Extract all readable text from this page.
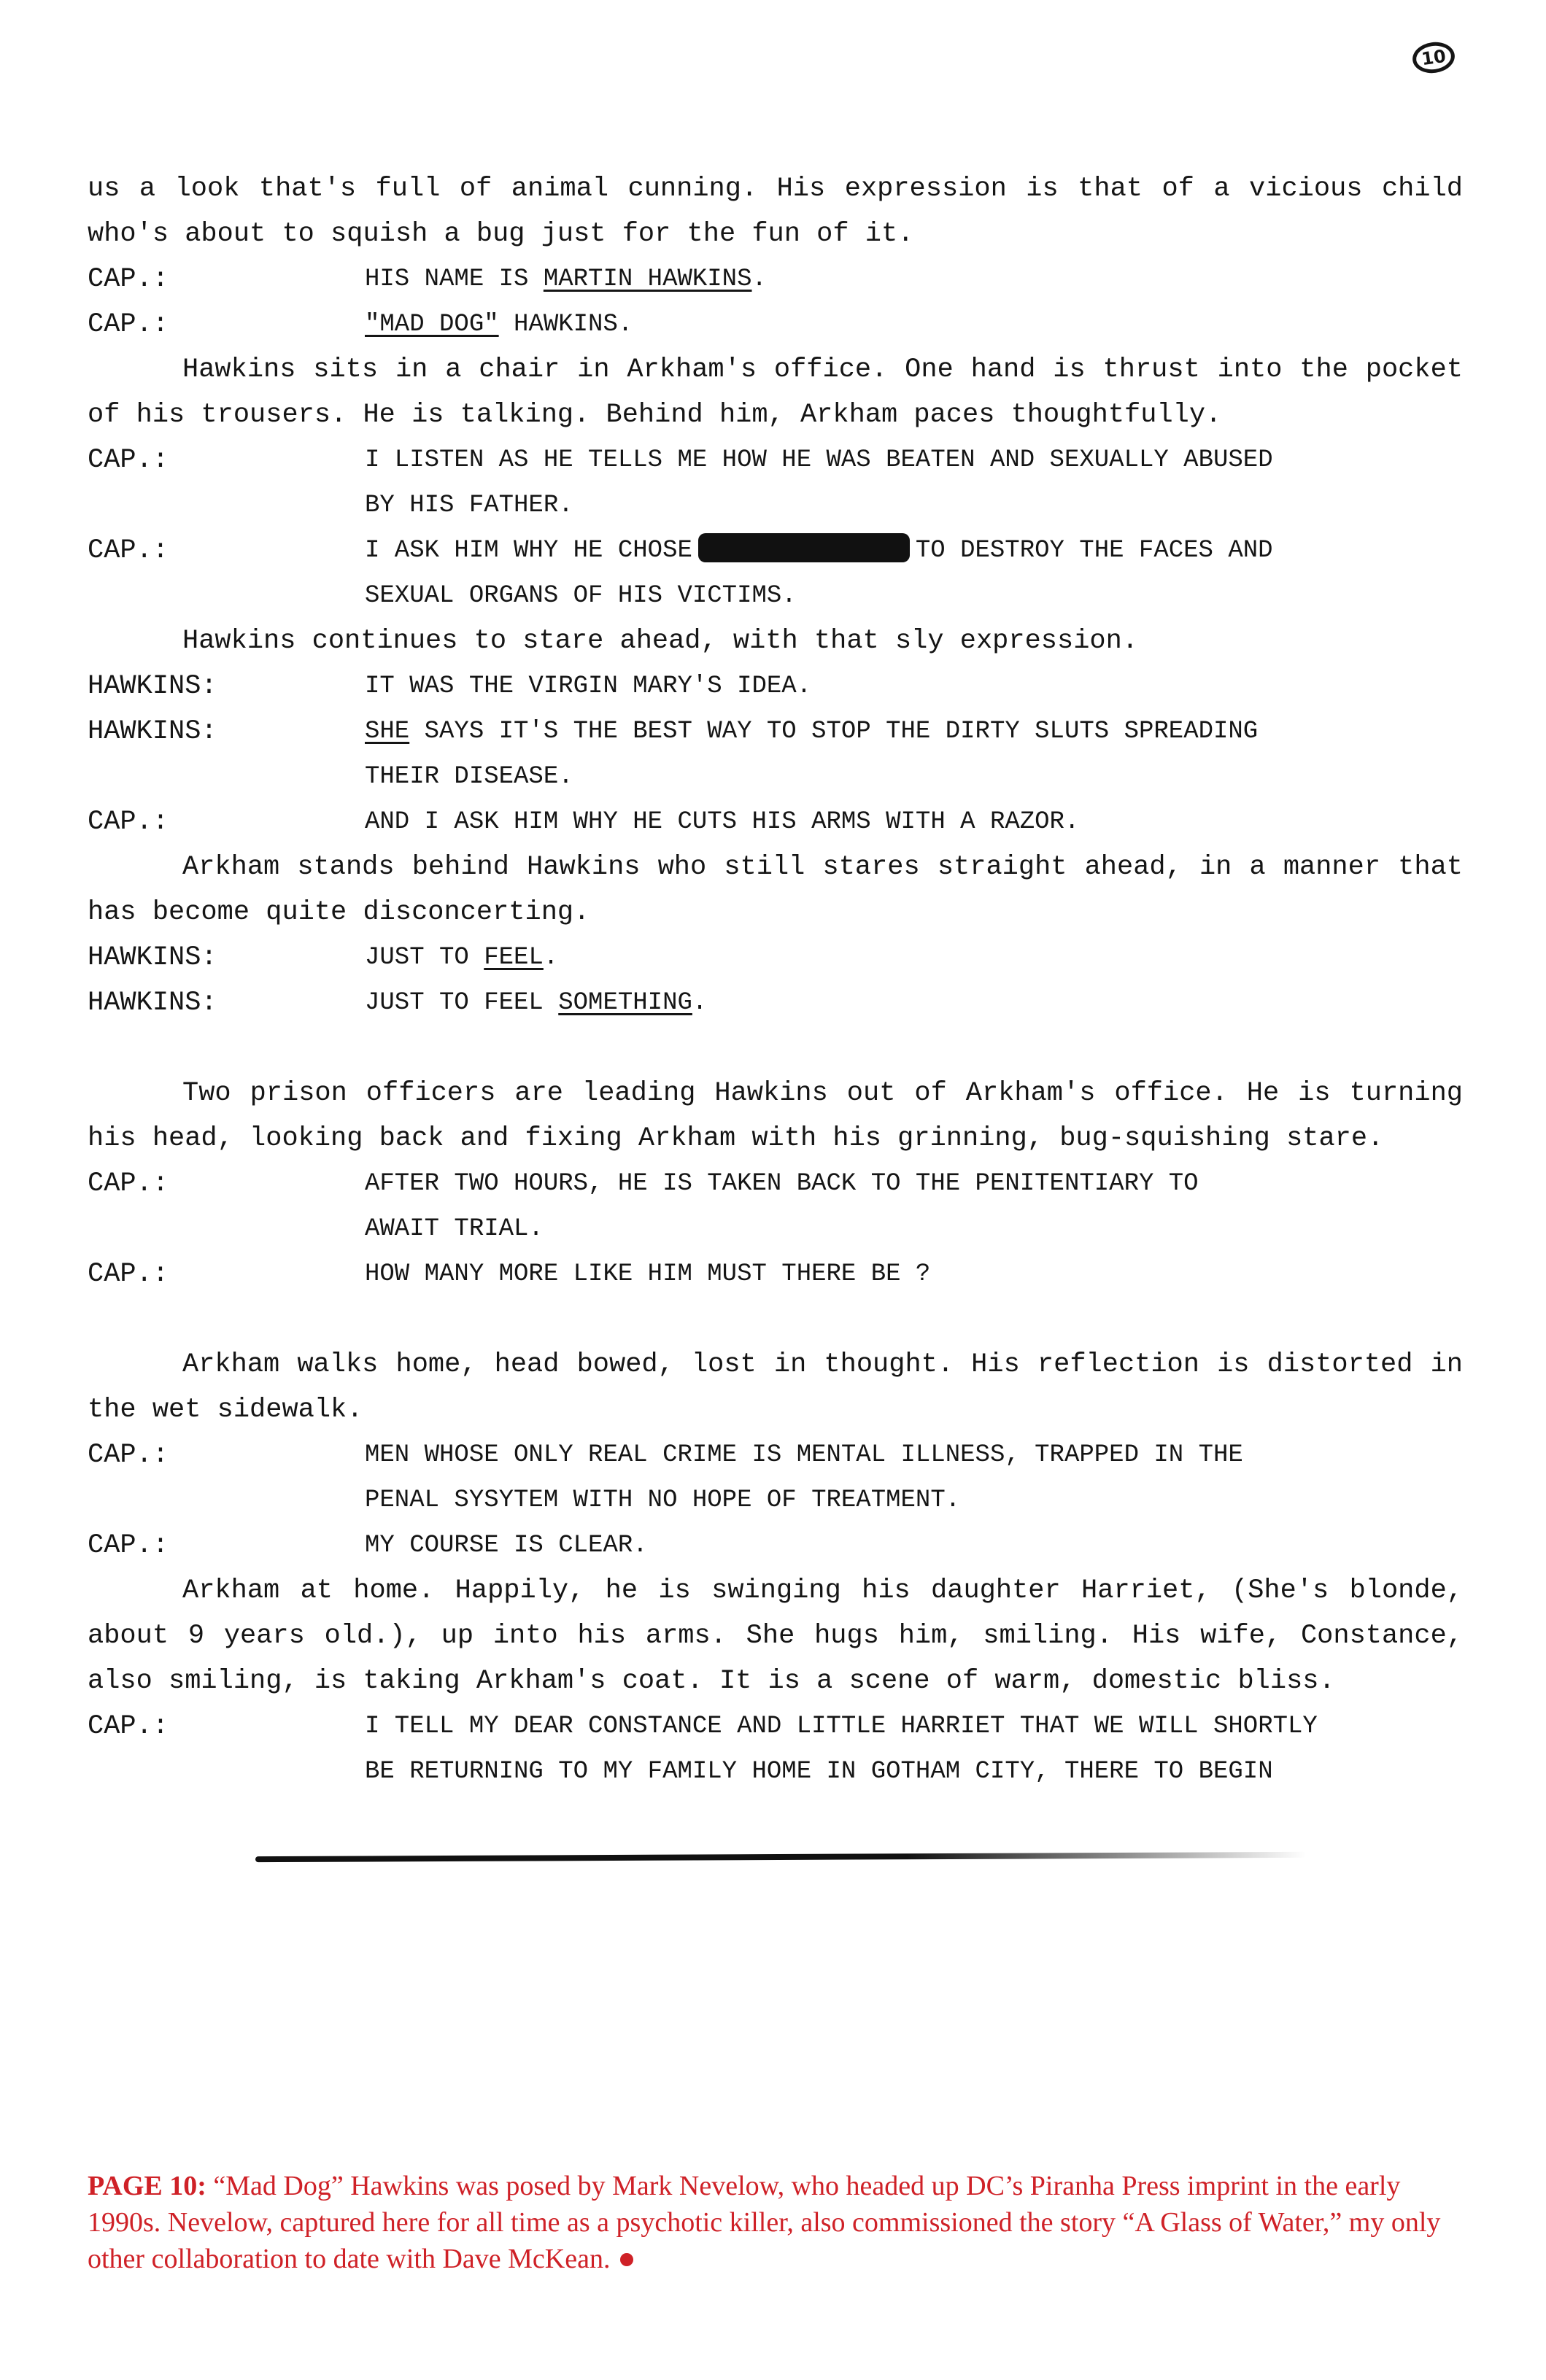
10
us a look that's full of animal cunning. His expression is that of a vicious child who's about to squish a bug just for the fun of it.
CAP.:	HIS NAME IS MARTIN HAWKINS.
CAP.:	"MAD DOG" HAWKINS.
Hawkins sits in a chair in Arkham's office. One hand is thrust into the pocket of his trousers. He is talking. Behind him, Arkham paces thoughtfully.
CAP.:	I LISTEN AS HE TELLS ME HOW HE WAS BEATEN AND SEXUALLY ABUSED
BY HIS FATHER.
CAP.:	I ASK HIM WHY HE CHOSE	TO DESTROY THE FACES AND
SEXUAL ORGANS OF HIS VICTIMS.
Hawkins continues to stare ahead, with that sly expression.
HAWKINS:	IT WAS THE VIRGIN MARY'S IDEA.
HAWKINS:	SHE SAYS IT'S THE BEST WAY TO STOP THE DIRTY SLUTS SPREADING
THEIR DISEASE.
CAP.:	AND I ASK HIM WHY HE CUTS HIS ARMS WITH A RAZOR.
Arkham stands behind Hawkins who still stares straight ahead, in a manner that has become quite disconcerting.
HAWKINS:	JUST TO FEEL.
HAWKINS:	JUST TO FEEL SOMETHING.
Two prison officers are leading Hawkins out of Arkham's office. He is turning his head, looking back and fixing Arkham with his grinning, bug-squishing stare.
CAP.:	AFTER TWO HOURS, HE IS TAKEN BACK TO THE PENITENTIARY TO
AWAIT TRIAL.
CAP.:	HOW MANY MORE LIKE HIM MUST THERE BE ?
Arkham walks home, head bowed, lost in thought. His reflection is distorted in the wet sidewalk.
CAP.:	MEN WHOSE ONLY REAL CRIME IS MENTAL ILLNESS, TRAPPED IN THE
PENAL SYSYTEM WITH NO HOPE OF TREATMENT.
CAP.:	MY COURSE IS CLEAR.
Arkham at home. Happily, he is swinging his daughter Harriet, (She's blonde, about 9 years old.), up into his arms. She hugs him, smiling. His wife, Constance, also smiling, is taking Arkham's coat. It is a scene of warm, domestic bliss.
CAP.:	I TELL MY DEAR CONSTANCE AND LITTLE HARRIET THAT WE WILL SHORTLY
BE RETURNING TO MY FAMILY HOME IN GOTHAM CITY, THERE TO BEGIN
PAGE 10: “Mad Dog” Hawkins was posed by Mark Nevelow, who headed up DC’s Piranha Press imprint in the early 1990s. Nevelow, captured here for all time as a psychotic killer, also commissioned the story “A Glass of Water,” my only other collaboration to date with Dave McKean.
